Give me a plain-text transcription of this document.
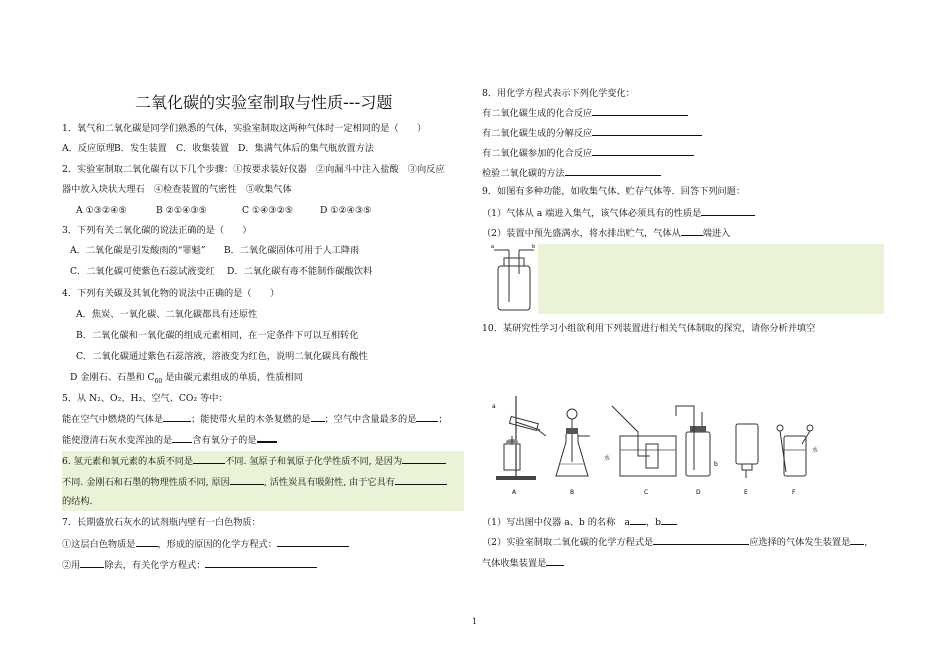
二氧化碳的实验室制取与性质---习题
1．氧气和二氧化碳是同学们熟悉的气体，实验室制取这两种气体时一定相同的是（　　）
A．反应原理B．发生装置 C．收集装置 D．集满气体后的集气瓶放置方法
2．实验室制取二氧化碳有以下几个步骤：①按要求装好仪器　②向漏斗中注入盐酸　③向反应
器中放入块状大理石　④检查装置的气密性　⑤收集气体
A ①③②④⑤	B ②①④③⑤	C ①④③②⑤	D ①②④③⑤
3．下列有关二氧化碳的说法正确的是（　　）
A．二氧化碳是引发酸雨的“罪魁”　　B．二氧化碳固体可用于人工降雨
C．二氧化碳可使紫色石蕊试液变红　 D．二氧化碳有毒不能制作碳酸饮料
4．下列有关碳及其氧化物的说法中正确的是（　　）
A．焦炭、一氧化碳、二氧化碳都具有还原性
B．二氧化碳和一氧化碳的组成元素相同，在一定条件下可以互相转化
C．二氧化碳通过紫色石蕊溶液，溶液变为红色，说明二氧化碳具有酸性
D 金刚石、石墨和 $C_{60}$ 是由碳元素组成的单质，性质相同
5．从 N₂、O₂、H₂、空气、CO₂ 等中：
能在空气中燃烧的气体是	；能使带火星的木条复燃的是 ；空气中含量最多的是 ；
能使澄清石灰水变浑浊的是 含有氧分子的是
6. 氢元素和氧元素的本质不同是	不同. 氢原子和氧原子化学性质不同, 是因为
不同. 金刚石和石墨的物理性质不同, 原因	, 活性炭具有吸附性, 由于它具有
的结构.
7．长期盛放石灰水的试剂瓶内壁有一白色物质：
①这层白色物质是 ，形成的原因的化学方程式：
②用	除去，有关化学方程式：
8．用化学方程式表示下列化学变化：
有二氧化碳生成的化合反应
有二氧化碳生成的分解反应
有二氧化碳参加的化合反应
检验二氧化碳的方法
9．如图有多种功能，如收集气体、贮存气体等．回答下列问题：
（1）气体从 a 端进入集气，该气体必须具有的性质是
（2）装置中预先盛满水，将水排出贮气，气体从 端进入
a	b
10．某研究性学习小组欲利用下列装置进行相关气体制取的探究，请你分析并填空
a
水
b
水
A	B	C	D	E	F
（1）写出图中仪器 a、b 的名称　a ，b
（2）实验室制取二氧化碳的化学方程式是	应选择的气体发生装置是 ，
气体收集装置是
1
